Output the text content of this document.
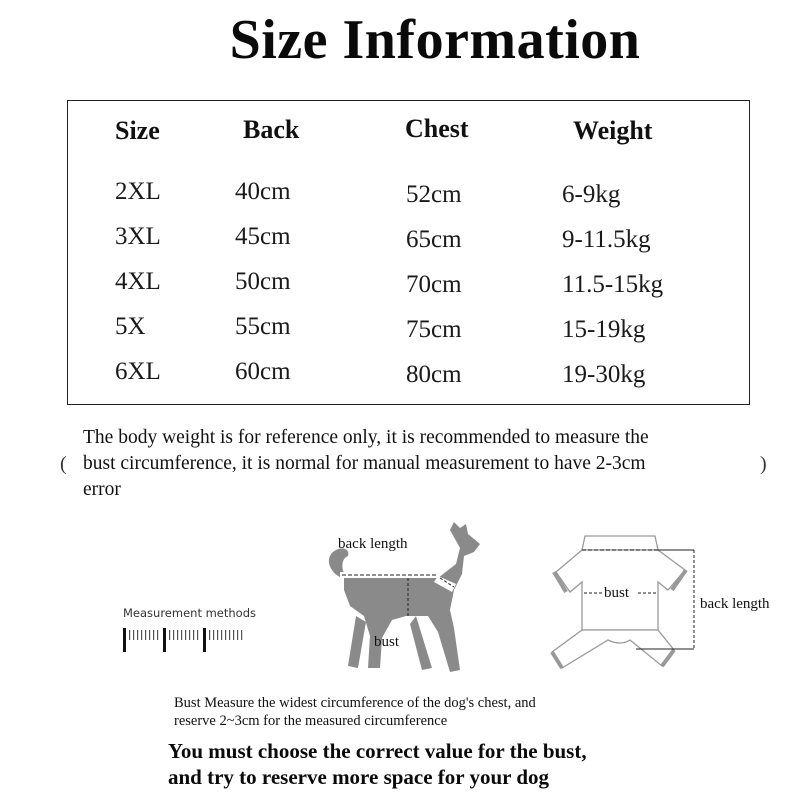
Size Information
Size	Back	Chest	Weight
2XL	40cm	52cm	6-9kg
3XL	45cm	65cm	9-11.5kg
4XL	50cm	70cm	11.5-15kg
5X	55cm	75cm	15-19kg
6XL	60cm	80cm	19-30kg
(	)
The body weight is for reference only, it is recommended to measure the
bust circumference, it is normal for manual measurement to have 2-3cm
error
Measurement methods
back length
bust
bust
back length
Bust Measure the widest circumference of the dog's chest, and
reserve 2~3cm for the measured circumference
You must choose the correct value for the bust,
and try to reserve more space for your dog
